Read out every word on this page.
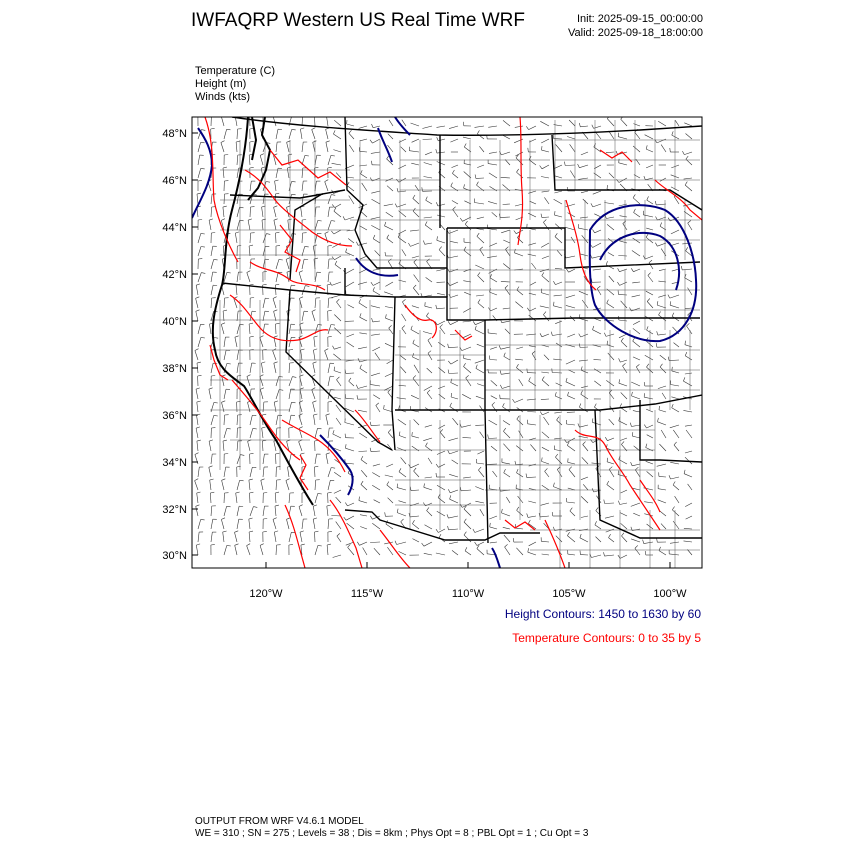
IWFAQRP Western US Real Time WRF	Init: 2025-09-15_00:00:00
Valid: 2025-09-18_18:00:00
Temperature (C)
Height (m)
Winds (kts)
48°N
46°N
44°N
42°N
40°N
38°N
36°N
34°N
32°N
30°N
120°W	115°W	110°W	105°W	100°W
Height Contours: 1450 to 1630 by 60
Temperature Contours: 0 to 35 by 5
OUTPUT FROM WRF V4.6.1 MODEL
WE = 310 ; SN = 275 ; Levels = 38 ; Dis = 8km ; Phys Opt = 8 ; PBL Opt = 1 ; Cu Opt = 3
